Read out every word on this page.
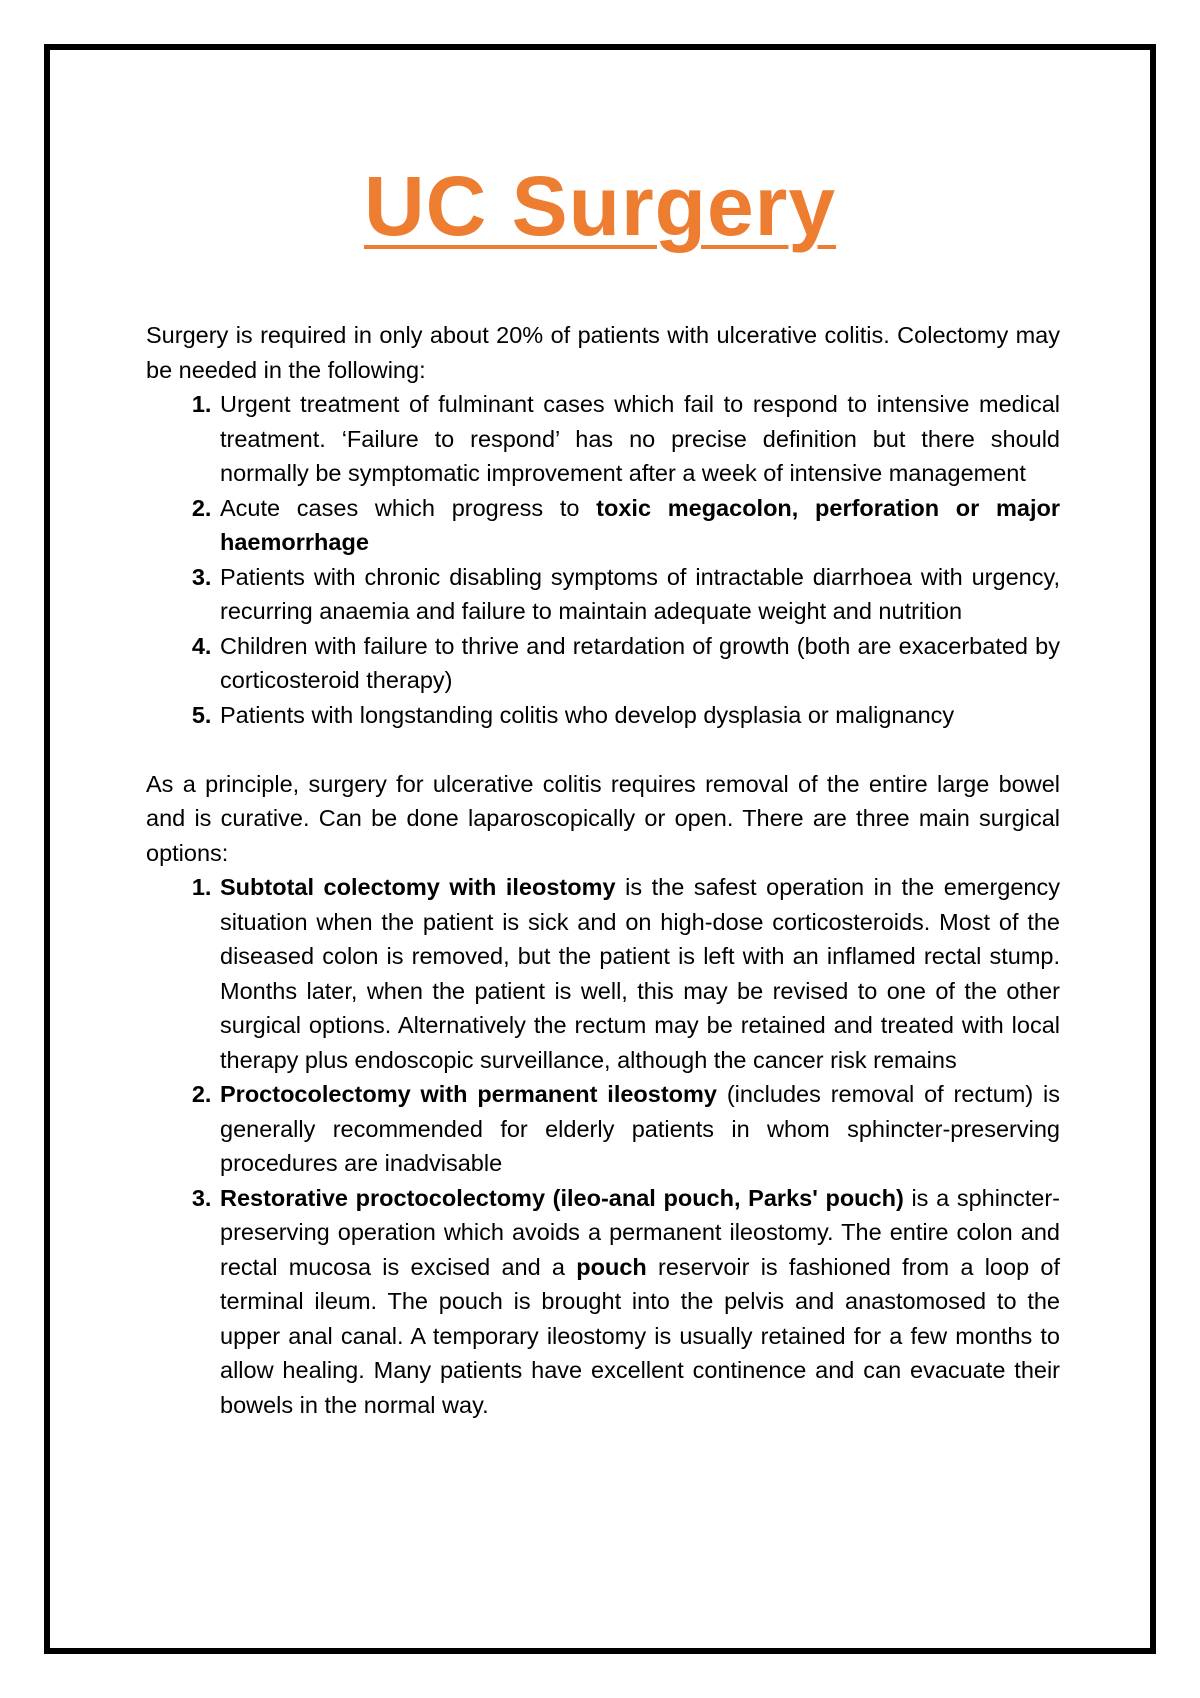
UC Surgery

Surgery is required in only about 20% of patients with ulcerative colitis. Colectomy may be needed in the following:

1. Urgent treatment of fulminant cases which fail to respond to intensive medical treatment. ‘Failure to respond’ has no precise definition but there should normally be symptomatic improvement after a week of intensive management
2. Acute cases which progress to toxic megacolon, perforation or major haemorrhage
3. Patients with chronic disabling symptoms of intractable diarrhoea with urgency, recurring anaemia and failure to maintain adequate weight and nutrition
4. Children with failure to thrive and retardation of growth (both are exacerbated by corticosteroid therapy)
5. Patients with longstanding colitis who develop dysplasia or malignancy

As a principle, surgery for ulcerative colitis requires removal of the entire large bowel and is curative. Can be done laparoscopically or open. There are three main surgical options:

1. Subtotal colectomy with ileostomy is the safest operation in the emergency situation when the patient is sick and on high-dose corticosteroids. Most of the diseased colon is removed, but the patient is left with an inflamed rectal stump. Months later, when the patient is well, this may be revised to one of the other surgical options. Alternatively the rectum may be retained and treated with local therapy plus endoscopic surveillance, although the cancer risk remains
2. Proctocolectomy with permanent ileostomy (includes removal of rectum) is generally recommended for elderly patients in whom sphincter-preserving procedures are inadvisable
3. Restorative proctocolectomy (ileo-anal pouch, Parks' pouch) is a sphincter-preserving operation which avoids a permanent ileostomy. The entire colon and rectal mucosa is excised and a pouch reservoir is fashioned from a loop of terminal ileum. The pouch is brought into the pelvis and anastomosed to the upper anal canal. A temporary ileostomy is usually retained for a few months to allow healing. Many patients have excellent continence and can evacuate their bowels in the normal way.
